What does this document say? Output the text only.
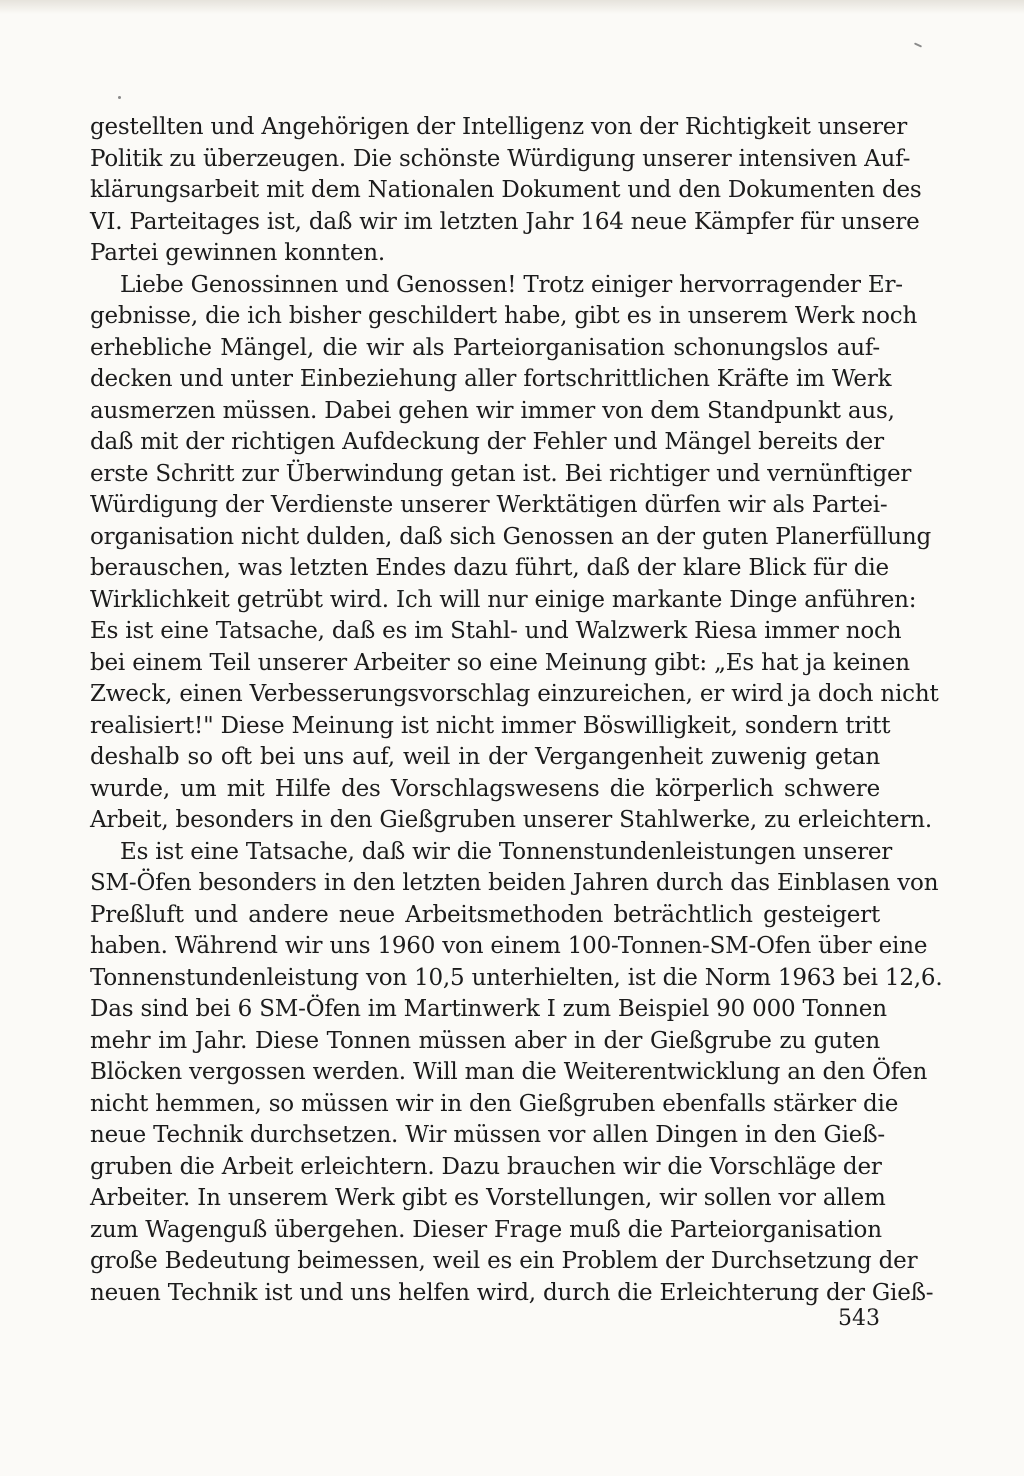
gestellten und Angehörigen der Intelligenz von der Richtigkeit unserer
Politik zu überzeugen. Die schönste Würdigung unserer intensiven Auf-
klärungsarbeit mit dem Nationalen Dokument und den Dokumenten des
VI. Parteitages ist, daß wir im letzten Jahr 164 neue Kämpfer für unsere
Partei gewinnen konnten.
Liebe Genossinnen und Genossen! Trotz einiger hervorragender Er-
gebnisse, die ich bisher geschildert habe, gibt es in unserem Werk noch
erhebliche Mängel, die wir als Parteiorganisation schonungslos auf-
decken und unter Einbeziehung aller fortschrittlichen Kräfte im Werk
ausmerzen müssen. Dabei gehen wir immer von dem Standpunkt aus,
daß mit der richtigen Aufdeckung der Fehler und Mängel bereits der
erste Schritt zur Überwindung getan ist. Bei richtiger und vernünftiger
Würdigung der Verdienste unserer Werktätigen dürfen wir als Partei-
organisation nicht dulden, daß sich Genossen an der guten Planerfüllung
berauschen, was letzten Endes dazu führt, daß der klare Blick für die
Wirklichkeit getrübt wird. Ich will nur einige markante Dinge anführen:
Es ist eine Tatsache, daß es im Stahl- und Walzwerk Riesa immer noch
bei einem Teil unserer Arbeiter so eine Meinung gibt: „Es hat ja keinen
Zweck, einen Verbesserungsvorschlag einzureichen, er wird ja doch nicht
realisiert!" Diese Meinung ist nicht immer Böswilligkeit, sondern tritt
deshalb so oft bei uns auf, weil in der Vergangenheit zuwenig getan
wurde, um mit Hilfe des Vorschlagswesens die körperlich schwere
Arbeit, besonders in den Gießgruben unserer Stahlwerke, zu erleichtern.
Es ist eine Tatsache, daß wir die Tonnenstundenleistungen unserer
SM-Öfen besonders in den letzten beiden Jahren durch das Einblasen von
Preßluft und andere neue Arbeitsmethoden beträchtlich gesteigert
haben. Während wir uns 1960 von einem 100-Tonnen-SM-Ofen über eine
Tonnenstundenleistung von 10,5 unterhielten, ist die Norm 1963 bei 12,6.
Das sind bei 6 SM-Öfen im Martinwerk I zum Beispiel 90 000 Tonnen
mehr im Jahr. Diese Tonnen müssen aber in der Gießgrube zu guten
Blöcken vergossen werden. Will man die Weiterentwicklung an den Öfen
nicht hemmen, so müssen wir in den Gießgruben ebenfalls stärker die
neue Technik durchsetzen. Wir müssen vor allen Dingen in den Gieß-
gruben die Arbeit erleichtern. Dazu brauchen wir die Vorschläge der
Arbeiter. In unserem Werk gibt es Vorstellungen, wir sollen vor allem
zum Wagenguß übergehen. Dieser Frage muß die Parteiorganisation
große Bedeutung beimessen, weil es ein Problem der Durchsetzung der
neuen Technik ist und uns helfen wird, durch die Erleichterung der Gieß-
543
